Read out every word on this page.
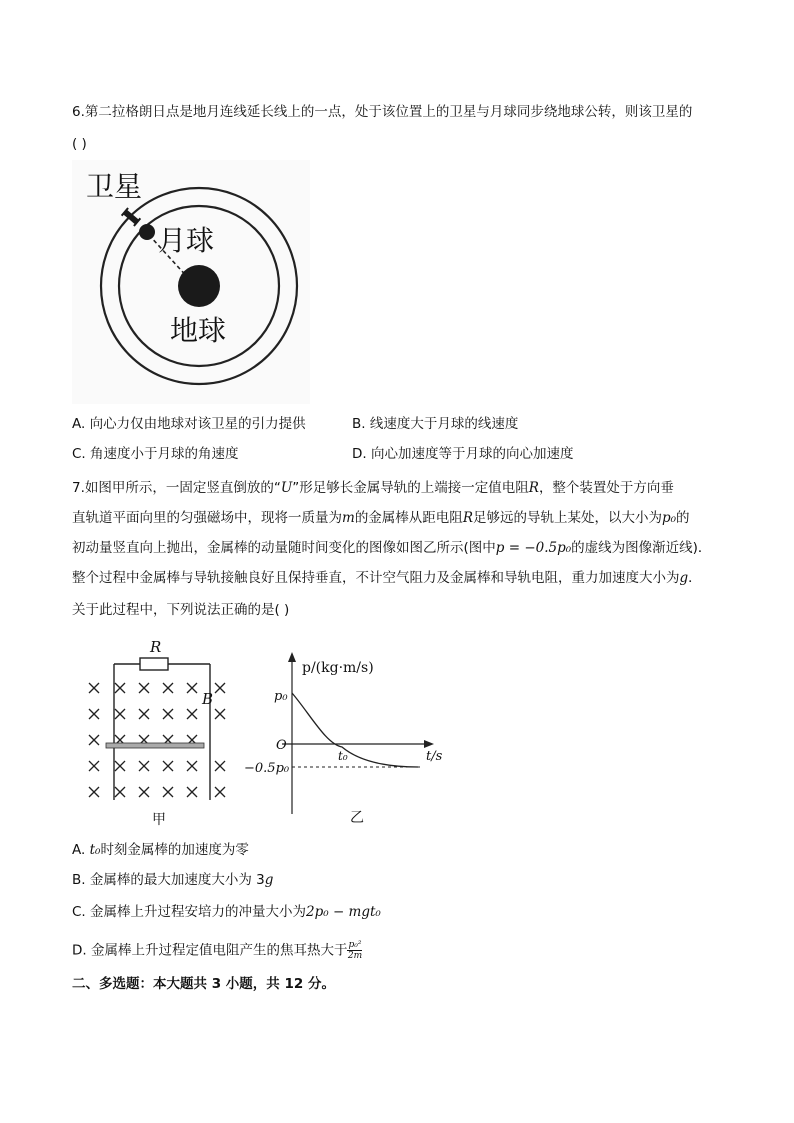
6.第二拉格朗日点是地月连线延长线上的一点，处于该位置上的卫星与月球同步绕地球公转，则该卫星的
( )
卫星
月球
地球
A. 向心力仅由地球对该卫星的引力提供	B. 线速度大于月球的线速度
C. 角速度小于月球的角速度	D. 向心加速度等于月球的向心加速度
7.如图甲所示，一固定竖直倒放的“U”形足够长金属导轨的上端接一定值电阻R，整个装置处于方向垂
直轨道平面向里的匀强磁场中，现将一质量为m的金属棒从距电阻R足够远的导轨上某处，以大小为p₀的
初动量竖直向上抛出，金属棒的动量随时间变化的图像如图乙所示(图中p = −0.5p₀的虚线为图像渐近线)．
整个过程中金属棒与导轨接触良好且保持垂直，不计空气阻力及金属棒和导轨电阻，重力加速度大小为g．
关于此过程中，下列说法正确的是( )
R
B
甲
p/(kg·m/s)
p₀
O
t₀
−0.5p₀
t/s
乙
A. t₀时刻金属棒的加速度为零
B. 金属棒的最大加速度大小为 3g
C. 金属棒上升过程安培力的冲量大小为2p₀ − mgt₀
D. 金属棒上升过程定值电阻产生的焦耳热大于 $\frac{\text{p₀²}}{2m}$
二、多选题：本大题共 3 小题，共 12 分。
